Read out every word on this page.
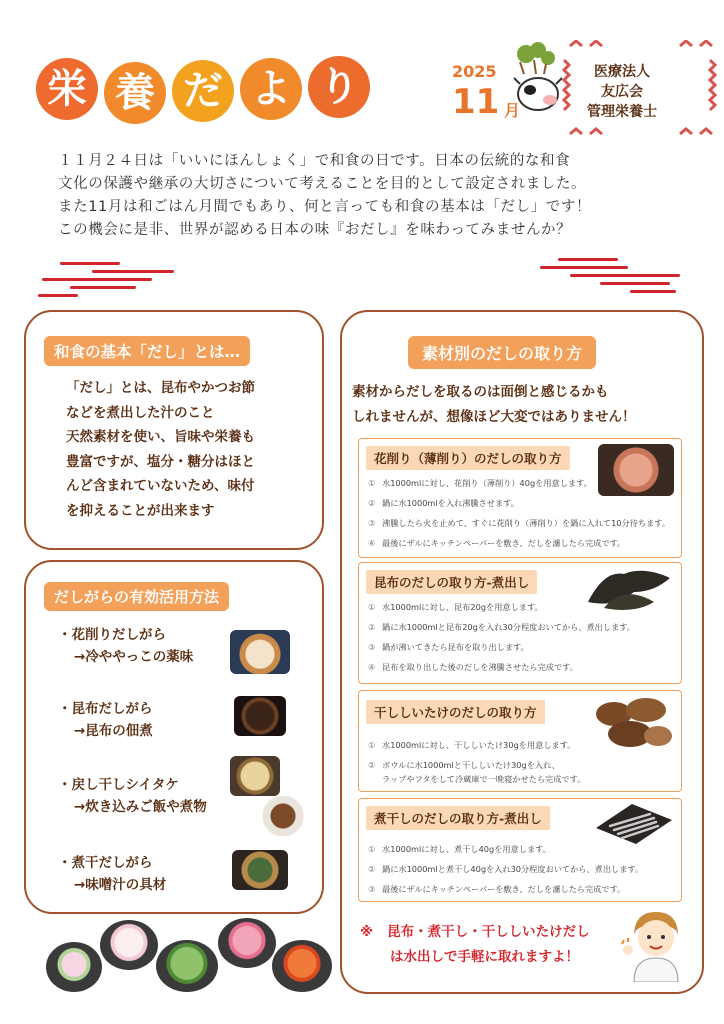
栄 養 だ よ り	2025
11 月
医療法人
友広会
管理栄養士
１１月２４日は「いいにほんしょく」で和食の日です。日本の伝統的な和食
文化の保護や継承の大切さについて考えることを目的として設定されました。
また11月は和ごはん月間でもあり、何と言っても和食の基本は「だし」です！
この機会に是非、世界が認める日本の味『おだし』を味わってみませんか？
和食の基本「だし」とは…
「だし」とは、昆布やかつお節
などを煮出した汁のこと
天然素材を使い、旨味や栄養も
豊富ですが、塩分・糖分はほと
んど含まれていないため、味付
を抑えることが出来ます
だしがらの有効活用方法
・花削りだしがら
→冷ややっこの薬味
・昆布だしがら
→昆布の佃煮
・戻し干しシイタケ
→炊き込みご飯や煮物
・煮干だしがら
→味噌汁の具材
素材別のだしの取り方
素材からだしを取るのは面倒と感じるかも
しれませんが、想像ほど大変ではありません！
花削り（薄削り）のだしの取り方
① 水1000mlに対し、花削り（薄削り）40gを用意します。
② 鍋に水1000mlを入れ沸騰させます。
③ 沸騰したら火を止めて、すぐに花削り（薄削り）を鍋に入れて10分待ちます。
④ 最後にザルにキッチンペーパーを敷き、だしを濾したら完成です。
昆布のだしの取り方-煮出し
① 水1000mlに対し、昆布20gを用意します。
② 鍋に水1000mlと昆布20gを入れ30分程度おいてから、煮出します。
③ 鍋が沸いてきたら昆布を取り出します。
④ 昆布を取り出した後のだしを沸騰させたら完成です。
干ししいたけのだしの取り方
① 水1000mlに対し、干ししいたけ30gを用意します。
② ボウルに水1000mlと干ししいたけ30gを入れ、
ラップやフタをして冷蔵庫で一晩寝かせたら完成です。
煮干しのだしの取り方-煮出し
① 水1000mlに対し、煮干し40gを用意します。
② 鍋に水1000mlと煮干し40gを入れ30分程度おいてから、煮出します。
③ 最後にザルにキッチンペーパーを敷き、だしを濾したら完成です。
※ 昆布・煮干し・干ししいたけだし
は水出しで手軽に取れますよ！
